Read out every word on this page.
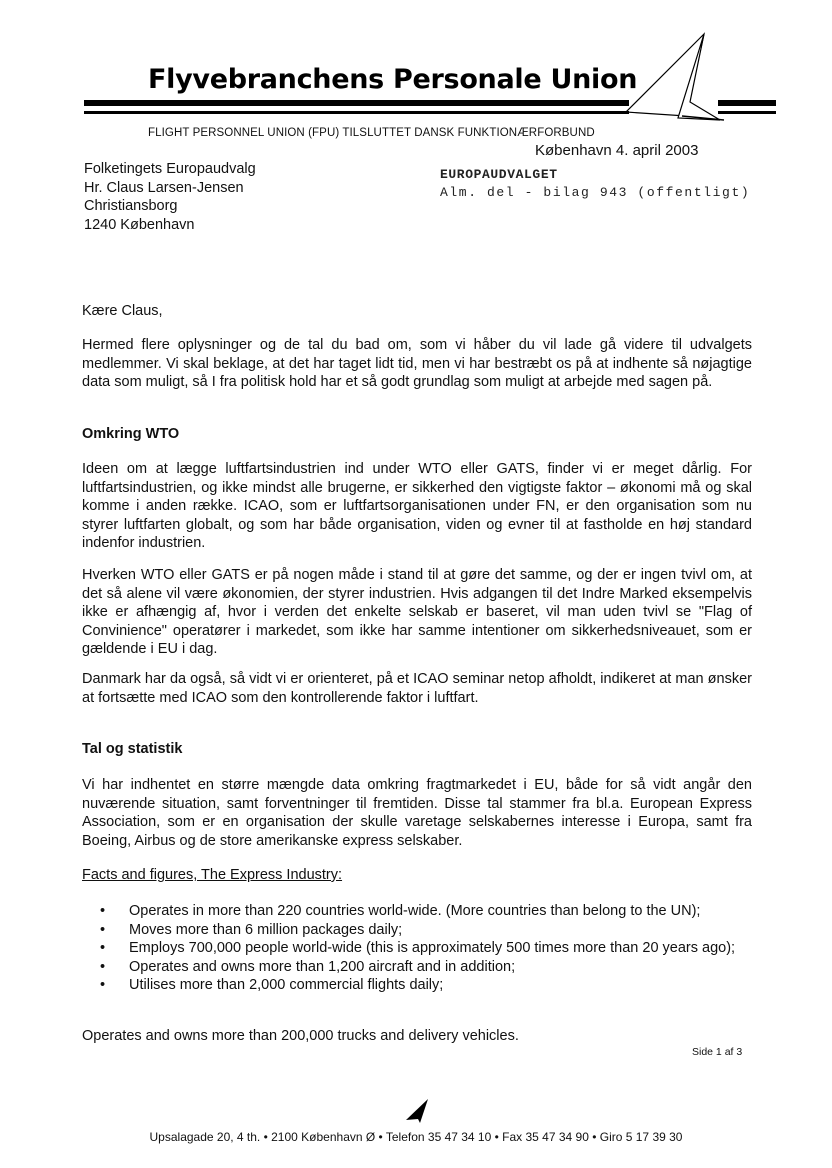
Flyvebranchens Personale Union
FLIGHT PERSONNEL UNION (FPU) TILSLUTTET DANSK FUNKTIONÆRFORBUND
København 4. april 2003
Folketingets Europaudvalg
Hr. Claus Larsen-Jensen
Christiansborg
1240 København
EUROPAUDVALGET
Alm. del - bilag 943 (offentligt)
Kære Claus,
Hermed flere oplysninger og de tal du bad om, som vi håber du vil lade gå videre til udvalgets medlemmer. Vi skal beklage, at det har taget lidt tid, men vi har bestræbt os på at indhente så nøjagtige data som muligt, så I fra politisk hold har et så godt grundlag som muligt at arbejde med sagen på.
Omkring WTO
Ideen om at lægge luftfartsindustrien ind under WTO eller GATS, finder vi er meget dårlig. For luftfartsindustrien, og ikke mindst alle brugerne, er sikkerhed den vigtigste faktor – økonomi må og skal komme i anden række. ICAO, som er luftfartsorganisationen under FN, er den organisation som nu styrer luftfarten globalt, og som har både organisation, viden og evner til at fastholde en høj standard indenfor industrien.
Hverken WTO eller GATS er på nogen måde i stand til at gøre det samme, og der er ingen tvivl om, at det så alene vil være økonomien, der styrer industrien. Hvis adgangen til det Indre Marked eksempelvis ikke er afhængig af, hvor i verden det enkelte selskab er baseret, vil man uden tvivl se "Flag of Convinience" operatører i markedet, som ikke har samme intentioner om sikkerhedsniveauet, som er gældende i EU i dag.
Danmark har da også, så vidt vi er orienteret, på et ICAO seminar netop afholdt, indikeret at man ønsker at fortsætte med ICAO som den kontrollerende faktor i luftfart.
Tal og statistik
Vi har indhentet en større mængde data omkring fragtmarkedet i EU, både for så vidt angår den nuværende situation, samt forventninger til fremtiden. Disse tal stammer fra bl.a. European Express Association, som er en organisation der skulle varetage selskabernes interesse i Europa, samt fra Boeing, Airbus og de store amerikanske express selskaber.
Facts and figures, The Express Industry:
• Operates in more than 220 countries world-wide. (More countries than belong to the UN);
• Moves more than 6 million packages daily;
• Employs 700,000 people world-wide (this is approximately 500 times more than 20 years ago);
• Operates and owns more than 1,200 aircraft and in addition;
• Utilises more than 2,000 commercial flights daily;
Operates and owns more than 200,000 trucks and delivery vehicles.
Side 1 af 3
Upsalagade 20, 4 th. • 2100 København Ø • Telefon 35 47 34 10 • Fax 35 47 34 90 • Giro 5 17 39 30
